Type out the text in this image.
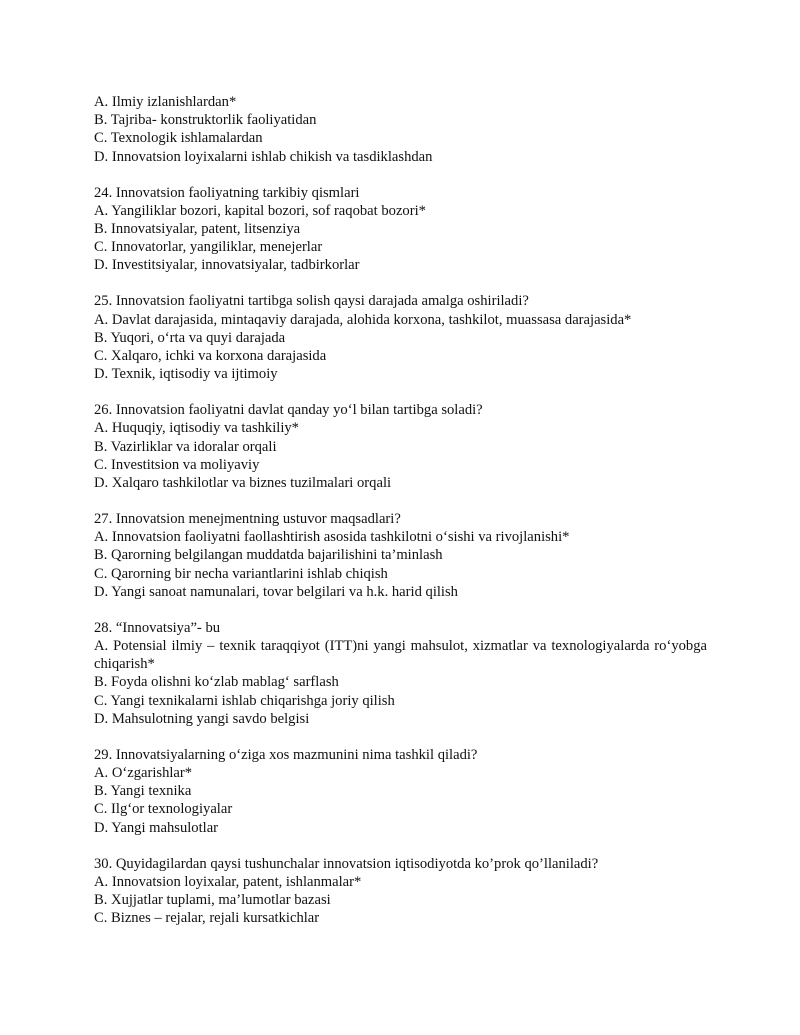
A. Ilmiy izlanishlardan*
B. Tajriba- konstruktorlik faoliyatidan
C. Texnologik ishlamalardan
D. Innovatsion loyixalarni ishlab chikish va tasdiklashdan
24. Innovatsion faoliyatning tarkibiy qismlari
A. Yangiliklar bozori, kapital bozori, sof raqobat bozori*
B. Innovatsiyalar, patent, litsenziya
C. Innovatorlar, yangiliklar, menejerlar
D. Investitsiyalar, innovatsiyalar, tadbirkorlar
25. Innovatsion faoliyatni tartibga solish qaysi darajada amalga oshiriladi?
A. Davlat darajasida, mintaqaviy darajada, alohida korxona, tashkilot, muassasa darajasida*
B. Yuqori, o‘rta va quyi darajada
C. Xalqaro, ichki va korxona darajasida
D. Texnik, iqtisodiy va ijtimoiy
26. Innovatsion faoliyatni davlat qanday yo‘l bilan tartibga soladi?
A. Huquqiy, iqtisodiy va tashkiliy*
B. Vazirliklar va idoralar orqali
C. Investitsion va moliyaviy
D. Xalqaro tashkilotlar va biznes tuzilmalari orqali
27. Innovatsion menejmentning ustuvor maqsadlari?
A. Innovatsion faoliyatni faollashtirish asosida tashkilotni o‘sishi va rivojlanishi*
B. Qarorning belgilangan muddatda bajarilishini ta’minlash
C. Qarorning bir necha variantlarini ishlab chiqish
D. Yangi sanoat namunalari, tovar belgilari va h.k. harid qilish
28. “Innovatsiya”- bu
A. Potensial ilmiy – texnik taraqqiyot (ITT)ni yangi mahsulot, xizmatlar va texnologiyalarda ro‘yobga chiqarish*
B. Foyda olishni ko‘zlab mablag‘ sarflash
C. Yangi texnikalarni ishlab chiqarishga joriy qilish
D. Mahsulotning yangi savdo belgisi
29. Innovatsiyalarning o‘ziga xos mazmunini nima tashkil qiladi?
A. O‘zgarishlar*
B. Yangi texnika
C. Ilg‘or texnologiyalar
D. Yangi mahsulotlar
30. Quyidagilardan qaysi tushunchalar innovatsion iqtisodiyotda ko’prok qo’llaniladi?
A. Innovatsion loyixalar, patent, ishlanmalar*
B. Xujjatlar tuplami, ma’lumotlar bazasi
C. Biznes – rejalar, rejali kursatkichlar
